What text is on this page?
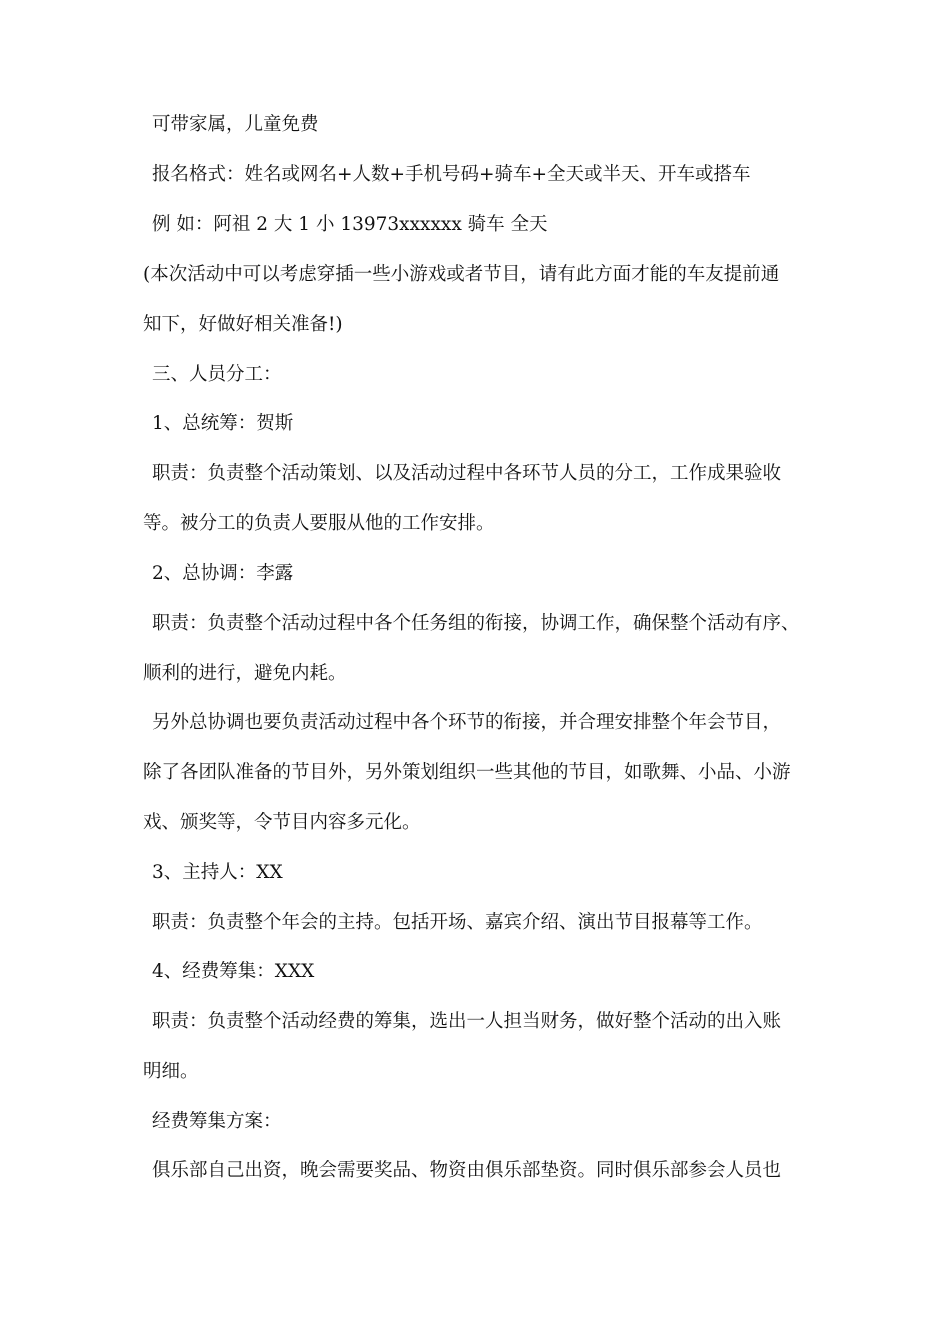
可带家属，儿童免费
报名格式：姓名或网名+人数+手机号码+骑车+全天或半天、开车或搭车
例 如：阿祖 2 大 1 小 13973xxxxxx 骑车 全天
(本次活动中可以考虑穿插一些小游戏或者节目，请有此方面才能的车友提前通
知下，好做好相关准备!)
三、人员分工：
1、总统筹：贺斯
职责：负责整个活动策划、以及活动过程中各环节人员的分工，工作成果验收
等。被分工的负责人要服从他的工作安排。
2、总协调：李露
职责：负责整个活动过程中各个任务组的衔接，协调工作，确保整个活动有序、
顺利的进行，避免内耗。
另外总协调也要负责活动过程中各个环节的衔接，并合理安排整个年会节目，
除了各团队准备的节目外，另外策划组织一些其他的节目，如歌舞、小品、小游
戏、颁奖等，令节目内容多元化。
3、主持人：XX
职责：负责整个年会的主持。包括开场、嘉宾介绍、演出节目报幕等工作。
4、经费筹集：XXX
职责：负责整个活动经费的筹集，选出一人担当财务，做好整个活动的出入账
明细。
经费筹集方案：
俱乐部自己出资，晚会需要奖品、物资由俱乐部垫资。同时俱乐部参会人员也
